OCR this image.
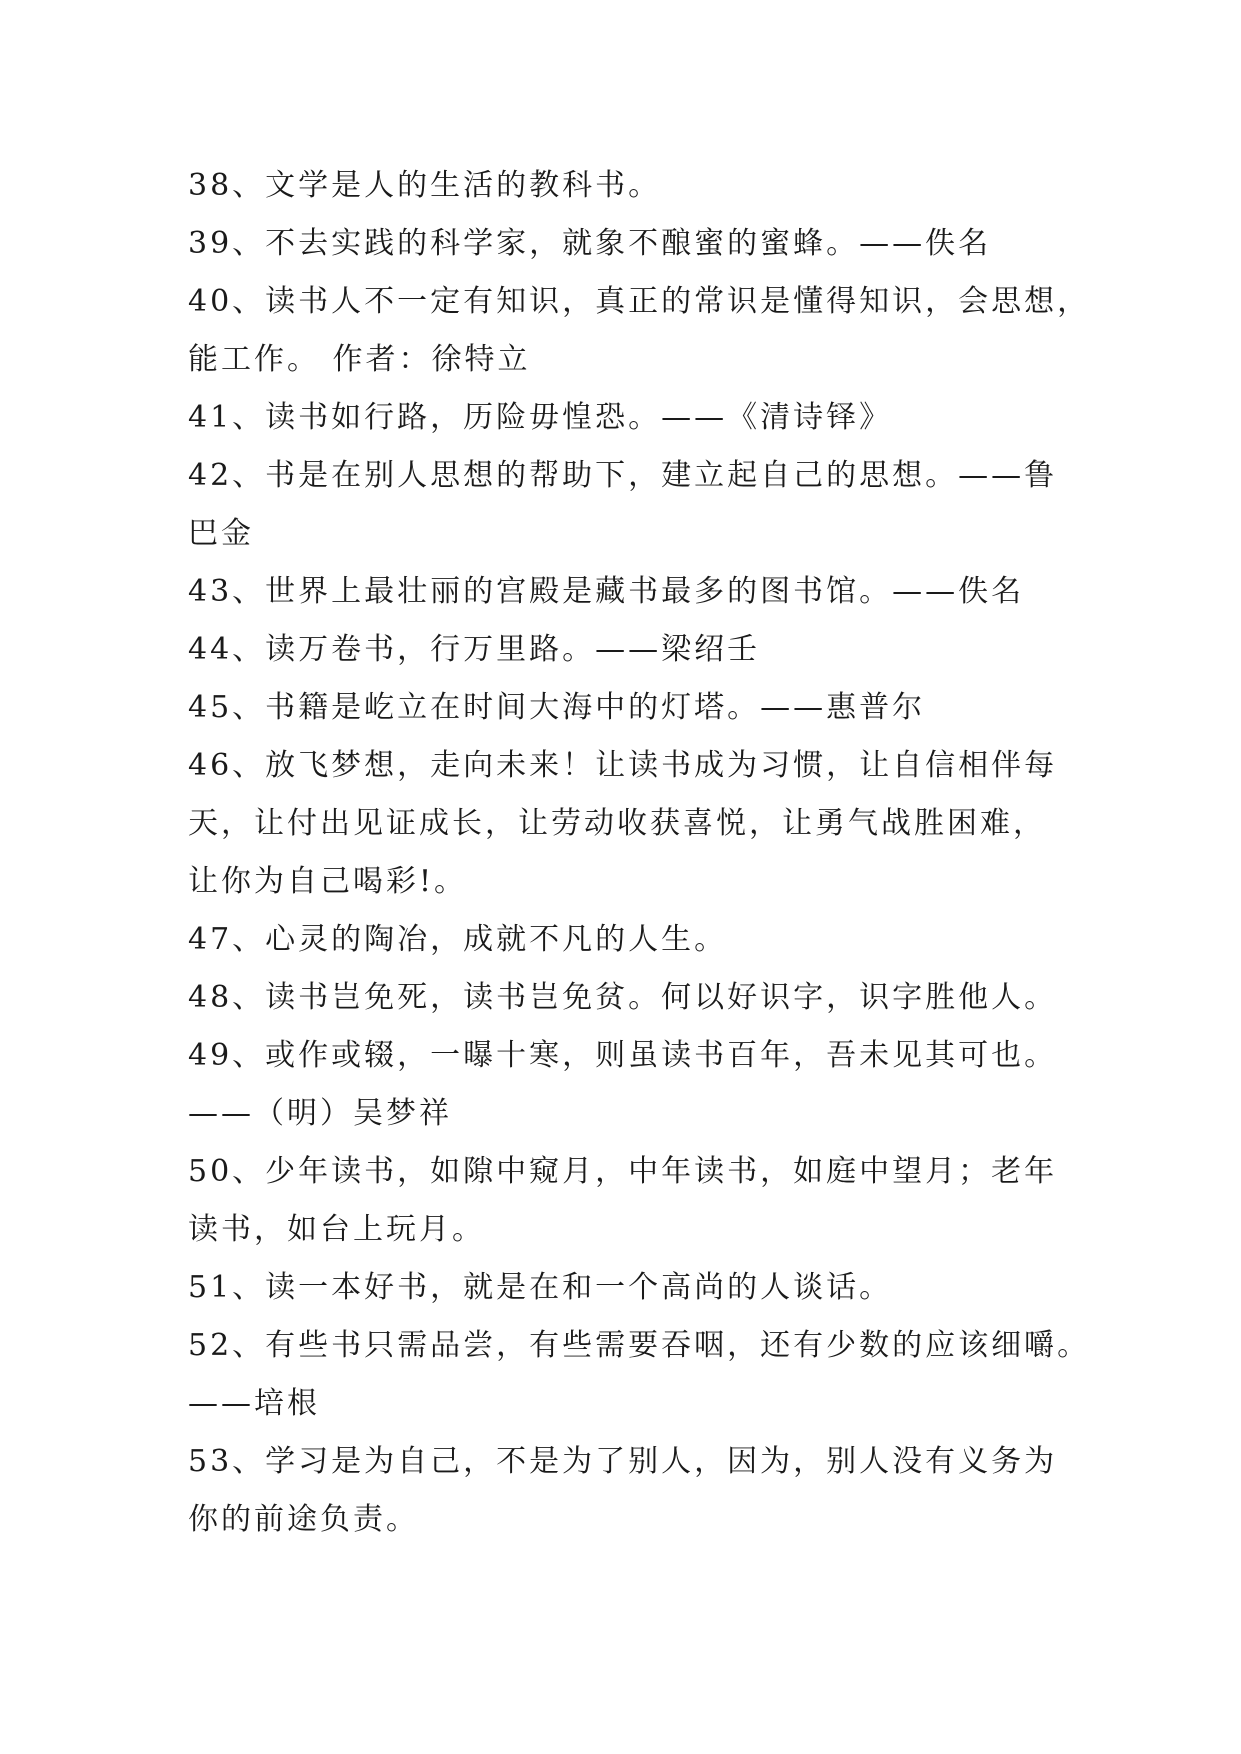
38、文学是人的生活的教科书。
39、不去实践的科学家，就象不酿蜜的蜜蜂。——佚名
40、读书人不一定有知识，真正的常识是懂得知识，会思想，
能工作。 作者：徐特立
41、读书如行路，历险毋惶恐。——《清诗铎》
42、书是在别人思想的帮助下，建立起自己的思想。——鲁
巴金
43、世界上最壮丽的宫殿是藏书最多的图书馆。——佚名
44、读万卷书，行万里路。——梁绍壬
45、书籍是屹立在时间大海中的灯塔。——惠普尔
46、放飞梦想，走向未来！让读书成为习惯，让自信相伴每
天，让付出见证成长，让劳动收获喜悦，让勇气战胜困难，
让你为自己喝彩!。
47、心灵的陶冶，成就不凡的人生。
48、读书岂免死，读书岂免贫。何以好识字，识字胜他人。
49、或作或辍，一曝十寒，则虽读书百年，吾未见其可也。
——（明）吴梦祥
50、少年读书，如隙中窥月，中年读书，如庭中望月；老年
读书，如台上玩月。
51、读一本好书，就是在和一个高尚的人谈话。
52、有些书只需品尝，有些需要吞咽，还有少数的应该细嚼。
——培根
53、学习是为自己，不是为了别人，因为，别人没有义务为
你的前途负责。
